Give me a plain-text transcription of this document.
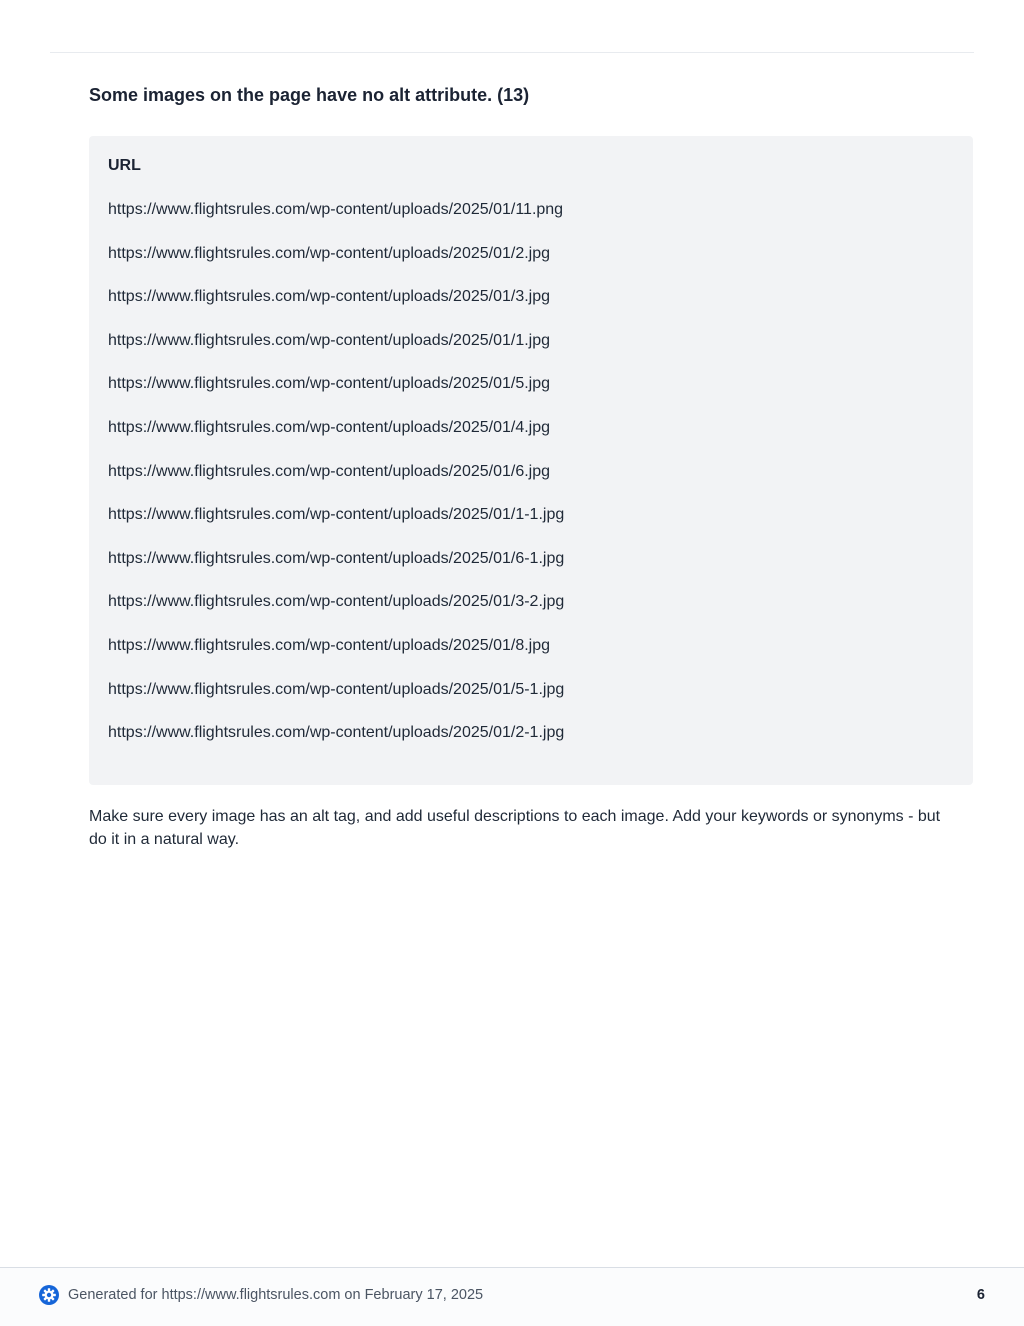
Some images on the page have no alt attribute. (13)
URL
https://www.flightsrules.com/wp-content/uploads/2025/01/11.png
https://www.flightsrules.com/wp-content/uploads/2025/01/2.jpg
https://www.flightsrules.com/wp-content/uploads/2025/01/3.jpg
https://www.flightsrules.com/wp-content/uploads/2025/01/1.jpg
https://www.flightsrules.com/wp-content/uploads/2025/01/5.jpg
https://www.flightsrules.com/wp-content/uploads/2025/01/4.jpg
https://www.flightsrules.com/wp-content/uploads/2025/01/6.jpg
https://www.flightsrules.com/wp-content/uploads/2025/01/1-1.jpg
https://www.flightsrules.com/wp-content/uploads/2025/01/6-1.jpg
https://www.flightsrules.com/wp-content/uploads/2025/01/3-2.jpg
https://www.flightsrules.com/wp-content/uploads/2025/01/8.jpg
https://www.flightsrules.com/wp-content/uploads/2025/01/5-1.jpg
https://www.flightsrules.com/wp-content/uploads/2025/01/2-1.jpg

Make sure every image has an alt tag, and add useful descriptions to each image. Add your keywords or synonyms - but do it in a natural way.

Generated for https://www.flightsrules.com on February 17, 2025	6
